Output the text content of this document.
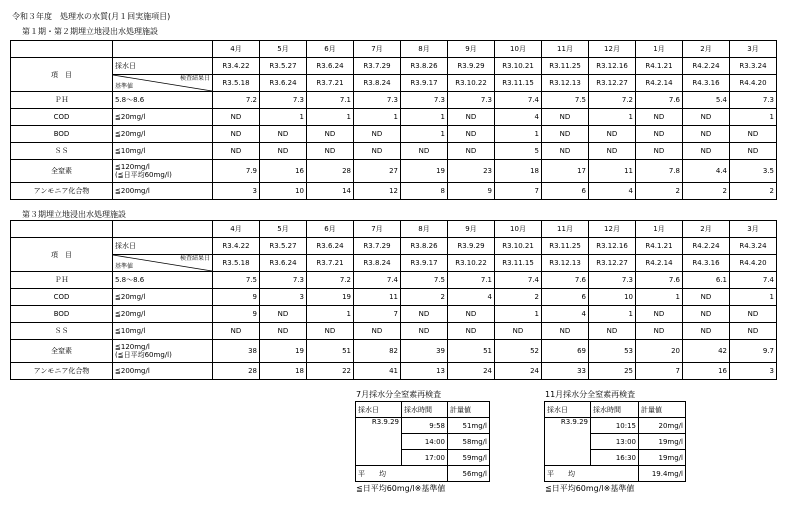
令和３年度　処理水の水質(月１回実施項目)
第１期・第２期埋立地浸出水処理施設
		4月	5月	6月	7月	8月	9月	10月	11月	12月	1月	2月	3月
項　目	採水日	R3.4.22	R3.5.27	R3.6.24	R3.7.29	R3.8.26	R3.9.29	R3.10.21	R3.11.25	R3.12.16	R4.1.21	R4.2.24	R3.3.24

	検査結果日
基準値	R3.5.18	R3.6.24	R3.7.21	R3.8.24	R3.9.17	R3.10.22	R3.11.15	R3.12.13	R3.12.27	R4.2.14	R4.3.16	R4.4.20
ＰＨ	5.8～8.6	7.2	7.3	7.1	7.3	7.3	7.3	7.4	7.5	7.2	7.6	5.4	7.3
COD	≦20mg/l	ND	1	1	1	1	ND	4	ND	1	ND	ND	1
BOD	≦20mg/l	ND	ND	ND	ND	1	ND	1	ND	ND	ND	ND	ND
ＳＳ	≦10mg/l	ND	ND	ND	ND	ND	ND	5	ND	ND	ND	ND	ND
全窒素	≦120mg/l
(≦日平均60mg/l)	7.9	16	28	27	19	23	18	17	11	7.8	4.4	3.5
アンモニア化合物	≦200mg/l	3	10	14	12	8	9	7	6	4	2	2	2
第３期埋立地浸出水処理施設
		4月	5月	6月	7月	8月	9月	10月	11月	12月	1月	2月	3月
項　目	採水日	R3.4.22	R3.5.27	R3.6.24	R3.7.29	R3.8.26	R3.9.29	R3.10.21	R3.11.25	R3.12.16	R4.1.21	R4.2.24	R4.3.24

	検査結果日
基準値	R3.5.18	R3.6.24	R3.7.21	R3.8.24	R3.9.17	R3.10.22	R3.11.15	R3.12.13	R3.12.27	R4.2.14	R4.3.16	R4.4.20
ＰＨ	5.8～8.6	7.5	7.3	7.2	7.4	7.5	7.1	7.4	7.6	7.3	7.6	6.1	7.4
COD	≦20mg/l	9	3	19	11	2	4	2	6	10	1	ND	1
BOD	≦20mg/l	9	ND	1	7	ND	ND	1	4	1	ND	ND	ND
ＳＳ	≦10mg/l	ND	ND	ND	ND	ND	ND	ND	ND	ND	ND	ND	ND
全窒素	≦120mg/l
(≦日平均60mg/l)	38	19	51	82	39	51	52	69	53	20	42	9.7
アンモニア化合物	≦200mg/l	28	18	22	41	13	24	24	33	25	7	16	3
7月採水分全窒素再検査
採水日	採水時間	計量値
R3.9.29	9:58	51mg/l
	14:00	58mg/l
	17:00	59mg/l
平　　均		56mg/l
≦日平均60mg/l※基準値
11月採水分全窒素再検査
採水日	採水時間	計量値
R3.9.29	10:15	20mg/l
	13:00	19mg/l
	16:30	19mg/l
平　　均		19.4mg/l
≦日平均60mg/l※基準値
